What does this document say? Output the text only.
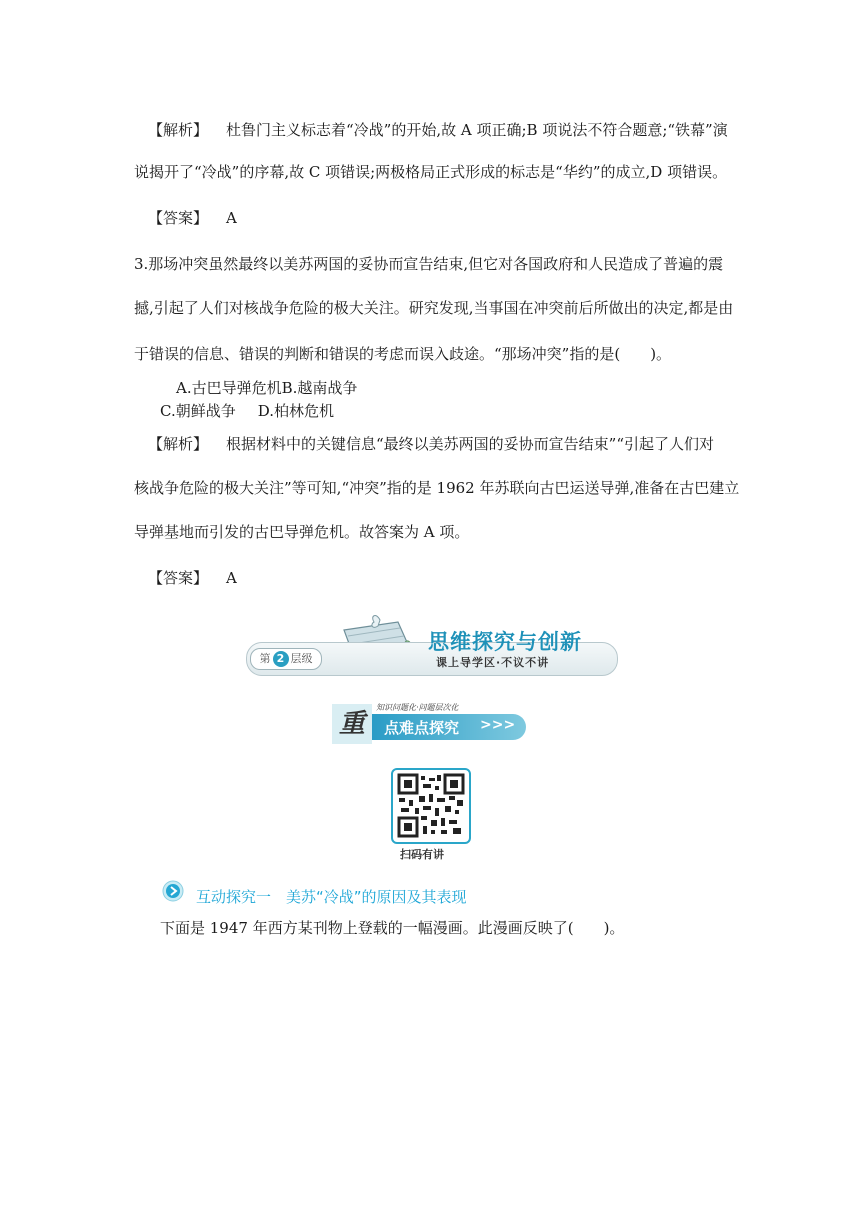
【解析】 杜鲁门主义标志着“冷战”的开始,故 A 项正确;B 项说法不符合题意;“铁幕”演
说揭开了“冷战”的序幕,故 C 项错误;两极格局正式形成的标志是“华约”的成立,D 项错误。
【答案】 A
3.那场冲突虽然最终以美苏两国的妥协而宣告结束,但它对各国政府和人民造成了普遍的震
撼,引起了人们对核战争危险的极大关注。研究发现,当事国在冲突前后所做出的决定,都是由
于错误的信息、错误的判断和错误的考虑而误入歧途。“那场冲突”指的是(　　)。
A.古巴导弹危机B.越南战争
C.朝鲜战争 D.柏林危机
【解析】 根据材料中的关键信息“最终以美苏两国的妥协而宣告结束”“引起了人们对
核战争危险的极大关注”等可知,“冲突”指的是 1962 年苏联向古巴运送导弹,准备在古巴建立
导弹基地而引发的古巴导弹危机。故答案为 A 项。
【答案】 A
第 2 层级
思维探究与创新
课上导学区·不议不讲
重
知识问题化·问题层次化
点难点探究 >>>
扫码有讲
互动探究一　美苏“冷战”的原因及其表现
下面是 1947 年西方某刊物上登载的一幅漫画。此漫画反映了(　　)。
